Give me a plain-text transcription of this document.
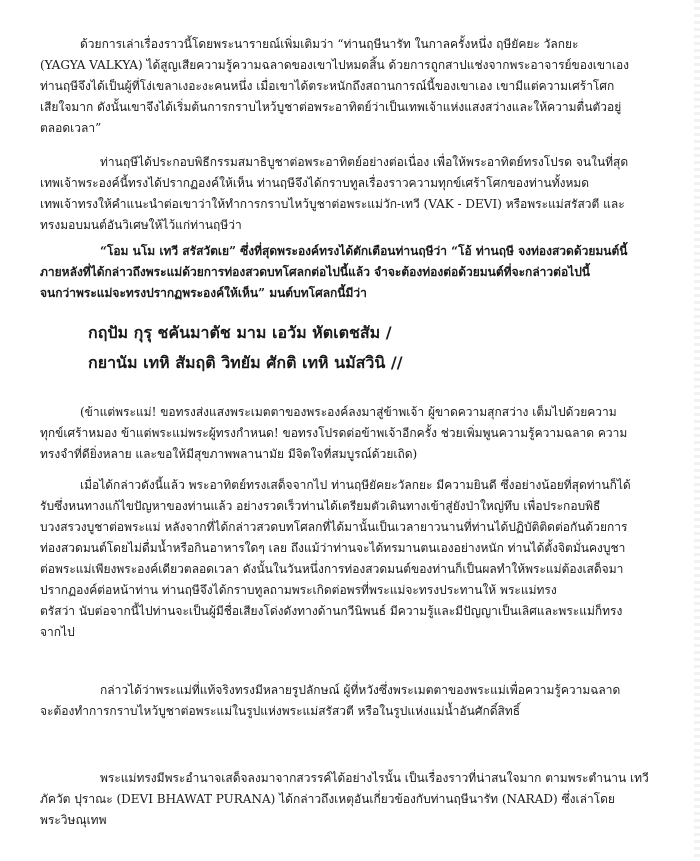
ด้วยการเล่าเรื่องราวนี้โดยพระนารายณ์เพิ่มเติมว่า “ท่านฤษีนารัท ในกาลครั้งหนึ่ง ฤษียัคยะ วัลกยะ
(YAGYA VALKYA) ได้สูญเสียความรู้ความฉลาดของเขาไปหมดสิ้น ด้วยการถูกสาปแช่งจากพระอาจารย์ของเขาเอง
ท่านฤษีจึงได้เป็นผู้ที่โง่เขลาเงอะงะคนหนึ่ง เมื่อเขาได้ตระหนักถึงสถานการณ์นี้ของเขาเอง เขามีแต่ความเศร้าโศก
เสียใจมาก ดังนั้นเขาจึงได้เริ่มต้นการกราบไหว้บูชาต่อพระอาทิตย์ว่าเป็นเทพเจ้าแห่งแสงสว่างและให้ความตื่นตัวอยู่
ตลอดเวลา”
ท่านฤษีได้ประกอบพิธีกรรมสมาธิบูชาต่อพระอาทิตย์อย่างต่อเนื่อง เพื่อให้พระอาทิตย์ทรงโปรด จนในที่สุด
เทพเจ้าพระองค์นี้ทรงได้ปรากฏองค์ให้เห็น ท่านฤษีจึงได้กราบทูลเรื่องราวความทุกข์เศร้าโศกของท่านทั้งหมด
เทพเจ้าทรงให้คำแนะนำต่อเขาว่าให้ทำการกราบไหว้บูชาต่อพระแม่วัก-เทวี (VAK - DEVI) หรือพระแม่สรัสวตี และ
ทรงมอบมนต์อันวิเศษให้ไว้แก่ท่านฤษีว่า
“โอม นโม เทวี สรัสวัตเย” ซึ่งที่สุดพระองค์ทรงได้ตักเตือนท่านฤษีว่า “โอ้ ท่านฤษี จงท่องสวดด้วยมนต์นี้
ภายหลังที่ได้กล่าวถึงพระแม่ด้วยการท่องสวดบทโศลกต่อไปนี้แล้ว จำจะต้องท่องต่อด้วยมนต์ที่จะกล่าวต่อไปนี้
จนกว่าพระแม่จะทรงปรากฏพระองค์ให้เห็น” มนต์บทโศลกนี้มีว่า
กฤปัม กุรุ ชคันมาตัช มาม เอวัม หัตเตชสัม /
กยานัม เทหิ สัมฤติ วิทยัม ศักติ เทหิ นมัสวินิ //
(ข้าแต่พระแม่! ขอทรงส่งแสงพระเมตตาของพระองค์ลงมาสู่ข้าพเจ้า ผู้ขาดความสุกสว่าง เต็มไปด้วยความ
ทุกข์เศร้าหมอง ข้าแต่พระแม่พระผู้ทรงกำหนด! ขอทรงโปรดต่อข้าพเจ้าอีกครั้ง ช่วยเพิ่มพูนความรู้ความฉลาด ความ
ทรงจำที่ดียิ่งหลาย และขอให้มีสุขภาพพลานามัย มีจิตใจที่สมบูรณ์ด้วยเถิด)
เมื่อได้กล่าวดังนี้แล้ว พระอาทิตย์ทรงเสด็จจากไป ท่านฤษียัคยะวัลกยะ มีความยินดี ซึ่งอย่างน้อยที่สุดท่านก็ได้
รับซึ่งหนทางแก้ไขปัญหาของท่านแล้ว อย่างรวดเร็วท่านได้เตรียมตัวเดินทางเข้าสู่ยังป่าใหญ่ทึบ เพื่อประกอบพิธี
บวงสรวงบูชาต่อพระแม่ หลังจากที่ได้กล่าวสวดบทโศลกที่ได้มานั้นเป็นเวลายาวนานที่ท่านได้ปฏิบัติติดต่อกันด้วยการ
ท่องสวดมนต์โดยไม่ดื่มน้ำหรือกินอาหารใดๆ เลย ถึงแม้ว่าท่านจะได้ทรมานตนเองอย่างหนัก ท่านได้ตั้งจิตมั่นคงบูชา
ต่อพระแม่เพียงพระองค์เดียวตลอดเวลา ดังนั้นในวันหนึ่งการท่องสวดมนต์ของท่านก็เป็นผลทำให้พระแม่ต้องเสด็จมา
ปรากฏองค์ต่อหน้าท่าน ท่านฤษีจึงได้กราบทูลถามพระเกิดต่อพรที่พระแม่จะทรงประทานให้ พระแม่ทรง
ตรัสว่า นับต่อจากนี้ไปท่านจะเป็นผู้มีชื่อเสียงโด่งดังทางด้านกวีนิพนธ์ มีความรู้และมีปัญญาเป็นเลิศและพระแม่ก็ทรง
จากไป
กล่าวได้ว่าพระแม่ที่แท้จริงทรงมีหลายรูปลักษณ์ ผู้ที่หวังซึ่งพระเมตตาของพระแม่เพื่อความรู้ความฉลาด
จะต้องทำการกราบไหว้บูชาต่อพระแม่ในรูปแห่งพระแม่สรัสวตี หรือในรูปแห่งแม่น้ำอันศักดิ์สิทธิ์
พระแม่ทรงมีพระอำนาจเสด็จลงมาจากสวรรค์ได้อย่างไรนั้น เป็นเรื่องราวที่น่าสนใจมาก ตามพระตำนาน เทวี
ภัควัต ปุราณะ (DEVI BHAWAT PURANA) ได้กล่าวถึงเหตุอันเกี่ยวข้องกับท่านฤษีนารัท (NARAD) ซึ่งเล่าโดย
พระวิษณุเทพ
